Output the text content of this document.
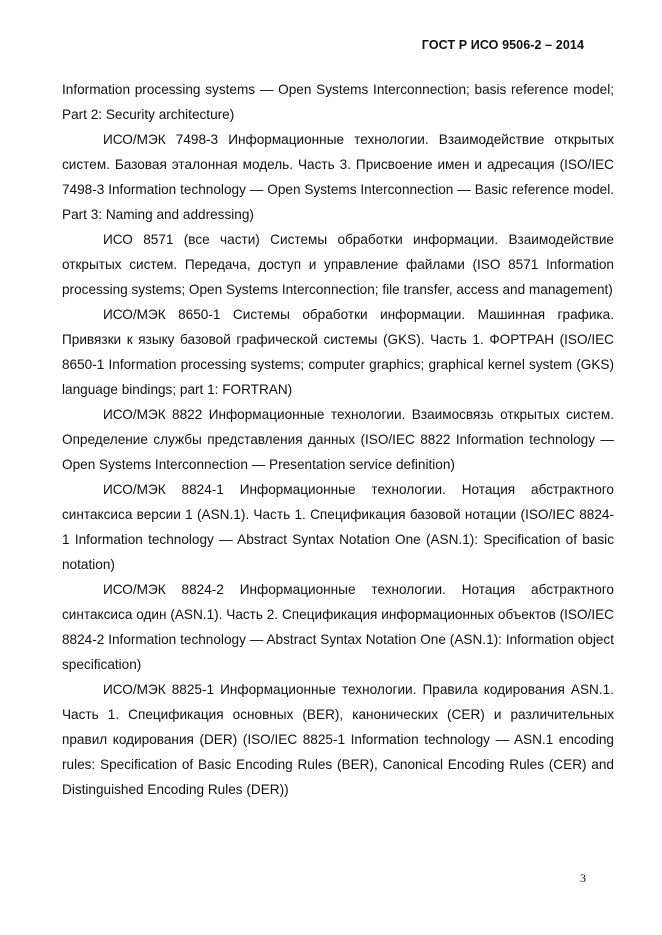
ГОСТ Р ИСО 9506-2 – 2014

Information processing systems — Open Systems Interconnection; basis reference model; Part 2: Security architecture)

ИСО/МЭК 7498-3 Информационные технологии. Взаимодействие открытых систем. Базовая эталонная модель. Часть 3. Присвоение имен и адресация (ISO/IEC 7498-3 Information technology — Open Systems Interconnection — Basic reference model. Part 3: Naming and addressing)

ИСО 8571 (все части) Системы обработки информации. Взаимодействие открытых систем. Передача, доступ и управление файлами (ISO 8571 Information processing systems; Open Systems Interconnection; file transfer, access and management)

ИСО/МЭК 8650-1 Системы обработки информации. Машинная графика. Привязки к языку базовой графической системы (GKS). Часть 1. ФОРТРАН (ISO/IEC 8650-1 Information processing systems; computer graphics; graphical kernel system (GKS) language bindings; part 1: FORTRAN)

ИСО/МЭК 8822 Информационные технологии. Взаимосвязь открытых систем. Определение службы представления данных (ISO/IEC 8822 Information technology — Open Systems Interconnection — Presentation service definition)

ИСО/МЭК 8824-1 Информационные технологии. Нотация абстрактного синтаксиса версии 1 (ASN.1). Часть 1. Спецификация базовой нотации (ISO/IEC 8824-1 Information technology — Abstract Syntax Notation One (ASN.1): Specification of basic notation)

ИСО/МЭК 8824-2 Информационные технологии. Нотация абстрактного синтаксиса один (ASN.1). Часть 2. Спецификация информационных объектов (ISO/IEC 8824-2 Information technology — Abstract Syntax Notation One (ASN.1): Information object specification)

ИСО/МЭК 8825-1 Информационные технологии. Правила кодирования ASN.1. Часть 1. Спецификация основных (BER), канонических (CER) и различительных правил кодирования (DER) (ISO/IEC 8825-1 Information technology — ASN.1 encoding rules: Specification of Basic Encoding Rules (BER), Canonical Encoding Rules (CER) and Distinguished Encoding Rules (DER))

3
